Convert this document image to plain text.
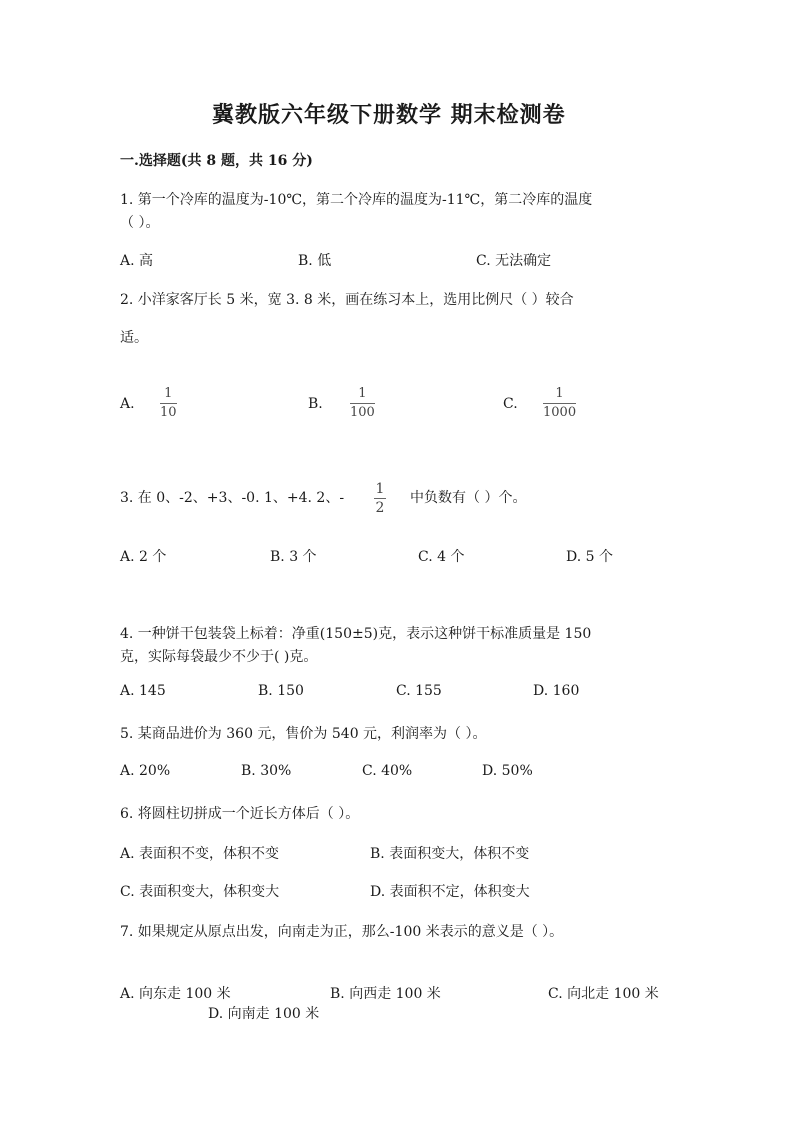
冀教版六年级下册数学 期末检测卷
一.选择题(共 8 题，共 16 分)
1. 第一个冷库的温度为-10℃，第二个冷库的温度为-11℃，第二冷库的温度
（ ）。
A. 高	B. 低	C. 无法确定
2. 小洋家客厅长 5 米，宽 3. 8 米，画在练习本上，选用比例尺（ ）较合
适。
A.
1
10
B.
1
100
C.
1
1000
3. 在 0、-2、+3、-0. 1、+4. 2、-
1
2
中负数有（ ）个。
A. 2 个	B. 3 个	C. 4 个	D. 5 个
4. 一种饼干包装袋上标着：净重(150±5)克，表示这种饼干标准质量是 150
克，实际每袋最少不少于( )克。
A. 145	B. 150	C. 155	D. 160
5. 某商品进价为 360 元，售价为 540 元，利润率为（ ）。
A. 20%	B. 30%	C. 40%	D. 50%
6. 将圆柱切拼成一个近长方体后（ ）。
A. 表面积不变，体积不变	B. 表面积变大，体积不变
C. 表面积变大，体积变大	D. 表面积不定，体积变大
7. 如果规定从原点出发，向南走为正，那么-100 米表示的意义是（ ）。
A. 向东走 100 米	B. 向西走 100 米	C. 向北走 100 米
D. 向南走 100 米
